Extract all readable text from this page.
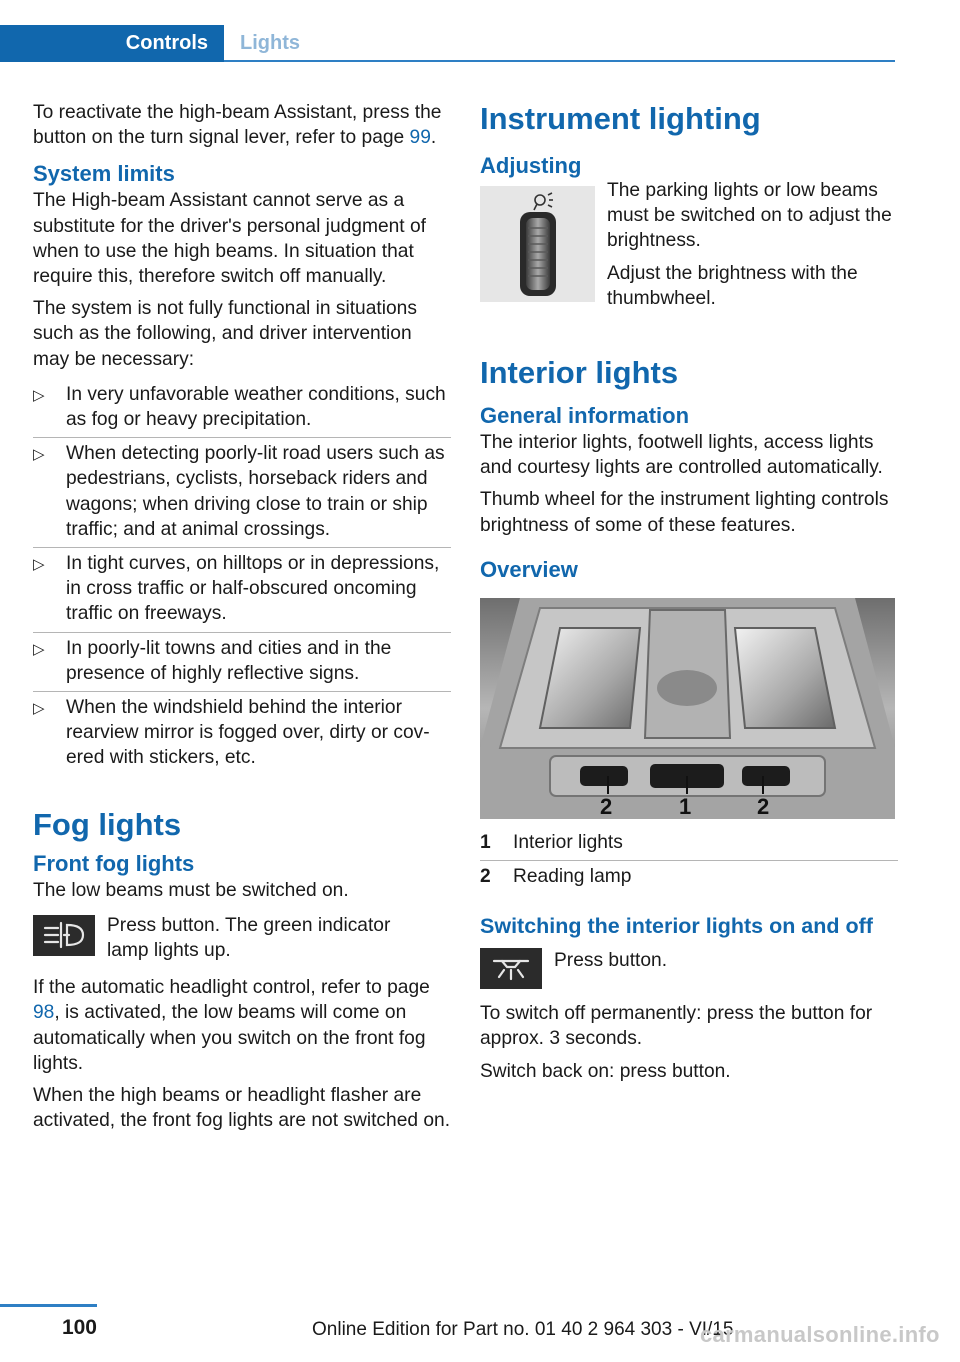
Controls	Lights

To reactivate the high-beam Assistant, press the button on the turn signal lever, refer to page 99.

System limits

The High-beam Assistant cannot serve as a substitute for the driver's personal judgment of when to use the high beams. In situation that require this, therefore switch off manually.

The system is not fully functional in situations such as the following, and driver intervention may be necessary:

▷ In very unfavorable weather conditions, such as fog or heavy precipitation.
▷ When detecting poorly-lit road users such as pedestrians, cyclists, horseback riders and wagons; when driving close to train or ship traffic; and at animal crossings.
▷ In tight curves, on hilltops or in depressions, in cross traffic or half-obscured oncoming traffic on freeways.
▷ In poorly-lit towns and cities and in the presence of highly reflective signs.
▷ When the windshield behind the interior rearview mirror is fogged over, dirty or covered with stickers, etc.
Fog lights
Front fog lights

The low beams must be switched on.

Press button. The green indicator lamp lights up.

If the automatic headlight control, refer to page 98, is activated, the low beams will come on automatically when you switch on the front fog lights.

When the high beams or headlight flasher are activated, the front fog lights are not switched on.

Instrument lighting
Adjusting

The parking lights or low beams must be switched on to adjust the brightness.

Adjust the brightness with the thumbwheel.

Interior lights
General information

The interior lights, footwell lights, access lights and courtesy lights are controlled automatically.

Thumb wheel for the instrument lighting controls brightness of some of these features.

Overview
2	1	2
1	Interior lights
2	Reading lamp
Switching the interior lights on and off

Press button.

To switch off permanently: press the button for approx. 3 seconds.

Switch back on: press button.

100	Online Edition for Part no. 01 40 2 964 303 - VI/15
carmanualsonline.info
